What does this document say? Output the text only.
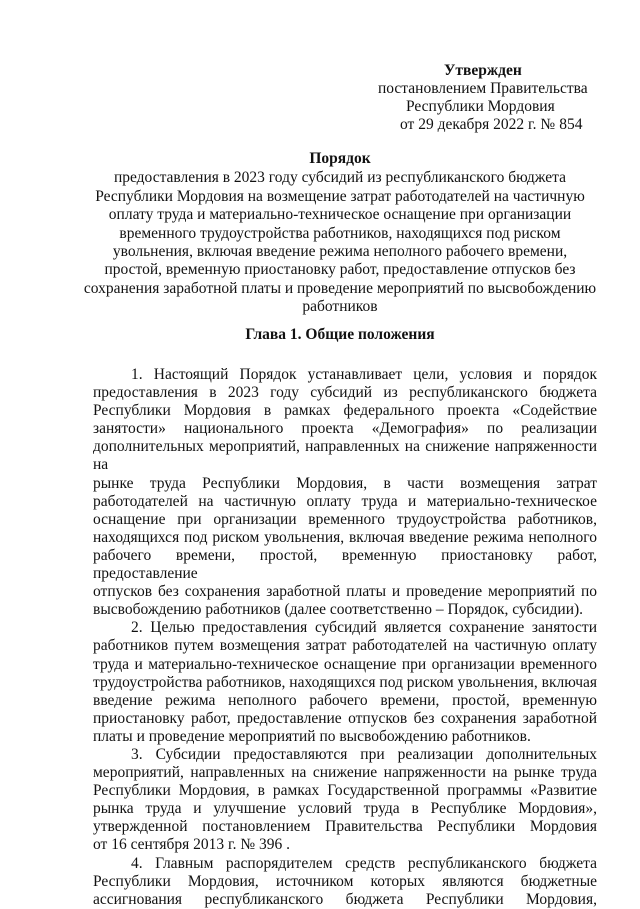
Утвержден
постановлением Правительства
Республики Мордовия
от 29 декабря 2022 г. № 854
Порядок
предоставления в 2023 году субсидий из республиканского бюджета
Республики Мордовия на возмещение затрат работодателей на частичную
оплату труда и материально-техническое оснащение при организации
временного трудоустройства работников, находящихся под риском
увольнения, включая введение режима неполного рабочего времени,
простой, временную приостановку работ, предоставление отпусков без
сохранения заработной платы и проведение мероприятий по высвобождению
работников
Глава 1. Общие положения
1. Настоящий Порядок устанавливает цели, условия и порядок
предоставления в 2023 году субсидий из республиканского бюджета
Республики Мордовия в рамках федерального проекта «Содействие
занятости» национального проекта «Демография» по реализации
дополнительных мероприятий, направленных на снижение напряженности на
рынке труда Республики Мордовия, в части возмещения затрат
работодателей на частичную оплату труда и материально-техническое
оснащение при организации временного трудоустройства работников,
находящихся под риском увольнения, включая введение режима неполного
рабочего времени, простой, временную приостановку работ, предоставление
отпусков без сохранения заработной платы и проведение мероприятий по
высвобождению работников (далее соответственно – Порядок, субсидии).
2. Целью предоставления субсидий является сохранение занятости
работников путем возмещения затрат работодателей на частичную оплату
труда и материально-техническое оснащение при организации временного
трудоустройства работников, находящихся под риском увольнения, включая
введение режима неполного рабочего времени, простой, временную
приостановку работ, предоставление отпусков без сохранения заработной
платы и проведение мероприятий по высвобождению работников.
3. Субсидии предоставляются при реализации дополнительных
мероприятий, направленных на снижение напряженности на рынке труда
Республики Мордовия, в рамках Государственной программы «Развитие
рынка труда и улучшение условий труда в Республике Мордовия»,
утвержденной постановлением Правительства Республики Мордовия
от 16 сентября 2013 г. № 396 .
4. Главным распорядителем средств республиканского бюджета
Республики Мордовия, источником которых являются бюджетные
ассигнования республиканского бюджета Республики Мордовия,
